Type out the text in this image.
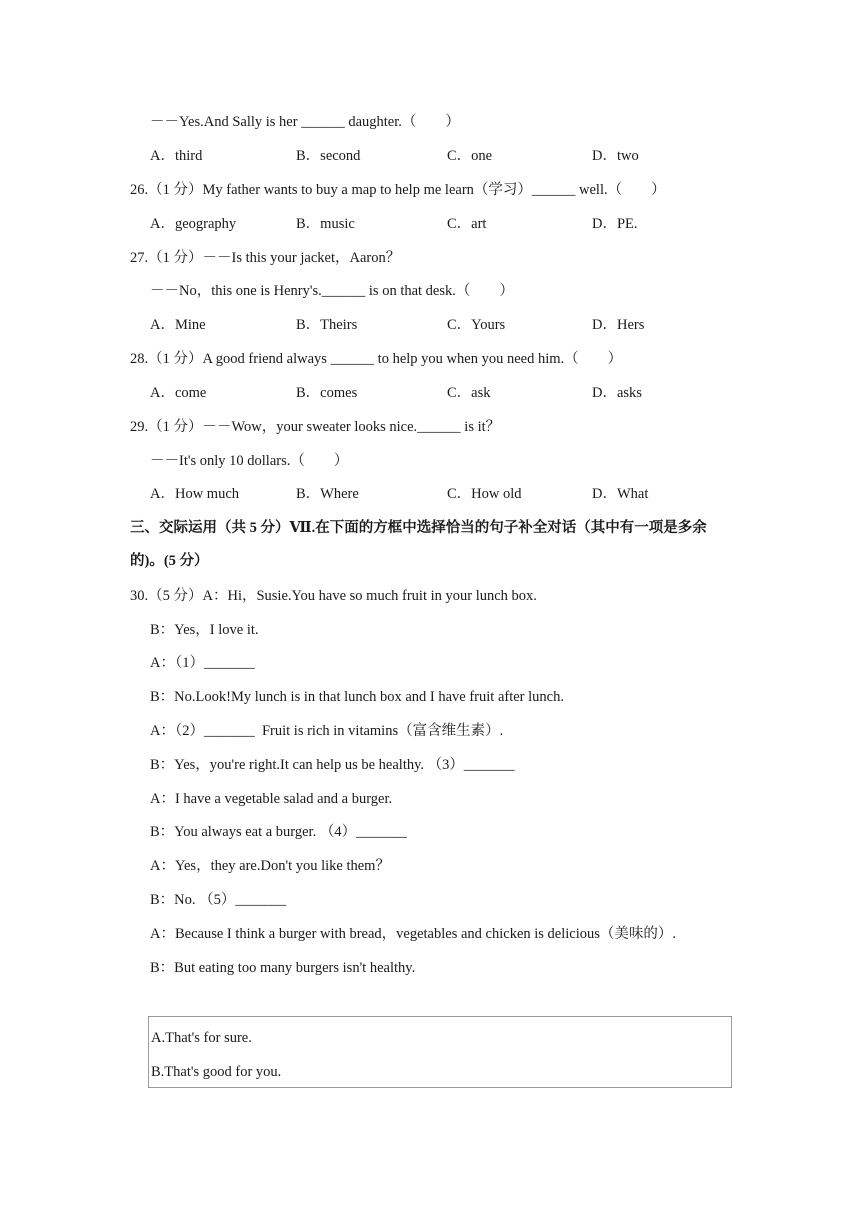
－－Yes.And Sally is her ______ daughter.（　　）
A．third	B．second	C．one	D．two
26.（1 分）My father wants to buy a map to help me learn（学习）______ well.（　　）
A．geography	B．music	C．art	D．PE.
27.（1 分）－－Is this your jacket，Aaron？
－－No，this one is Henry's.______ is on that desk.（　　）
A．Mine	B．Theirs	C．Yours	D．Hers
28.（1 分）A good friend always ______ to help you when you need him.（　　）
A．come	B．comes	C．ask	D．asks
29.（1 分）－－Wow，your sweater looks nice.______ is it？
－－It's only 10 dollars.（　　）
A．How much	B．Where	C．How old	D．What
三、交际运用（共 5 分）Ⅶ.在下面的方框中选择恰当的句子补全对话（其中有一项是多余
的)。(5 分）
30.（5 分）A：Hi，Susie.You have so much fruit in your lunch box.
B：Yes，I love it.
A：（1）_______
B：No.Look!My lunch is in that lunch box and I have fruit after lunch.
A：（2）_______  Fruit is rich in vitamins（富含维生素）.
B：Yes，you're right.It can help us be healthy. （3）_______
A：I have a vegetable salad and a burger.
B：You always eat a burger. （4）_______
A：Yes，they are.Don't you like them？
B：No. （5）_______
A：Because I think a burger with bread，vegetables and chicken is delicious（美味的）.
B：But eating too many burgers isn't healthy.
A.That's for sure.
B.That's good for you.
